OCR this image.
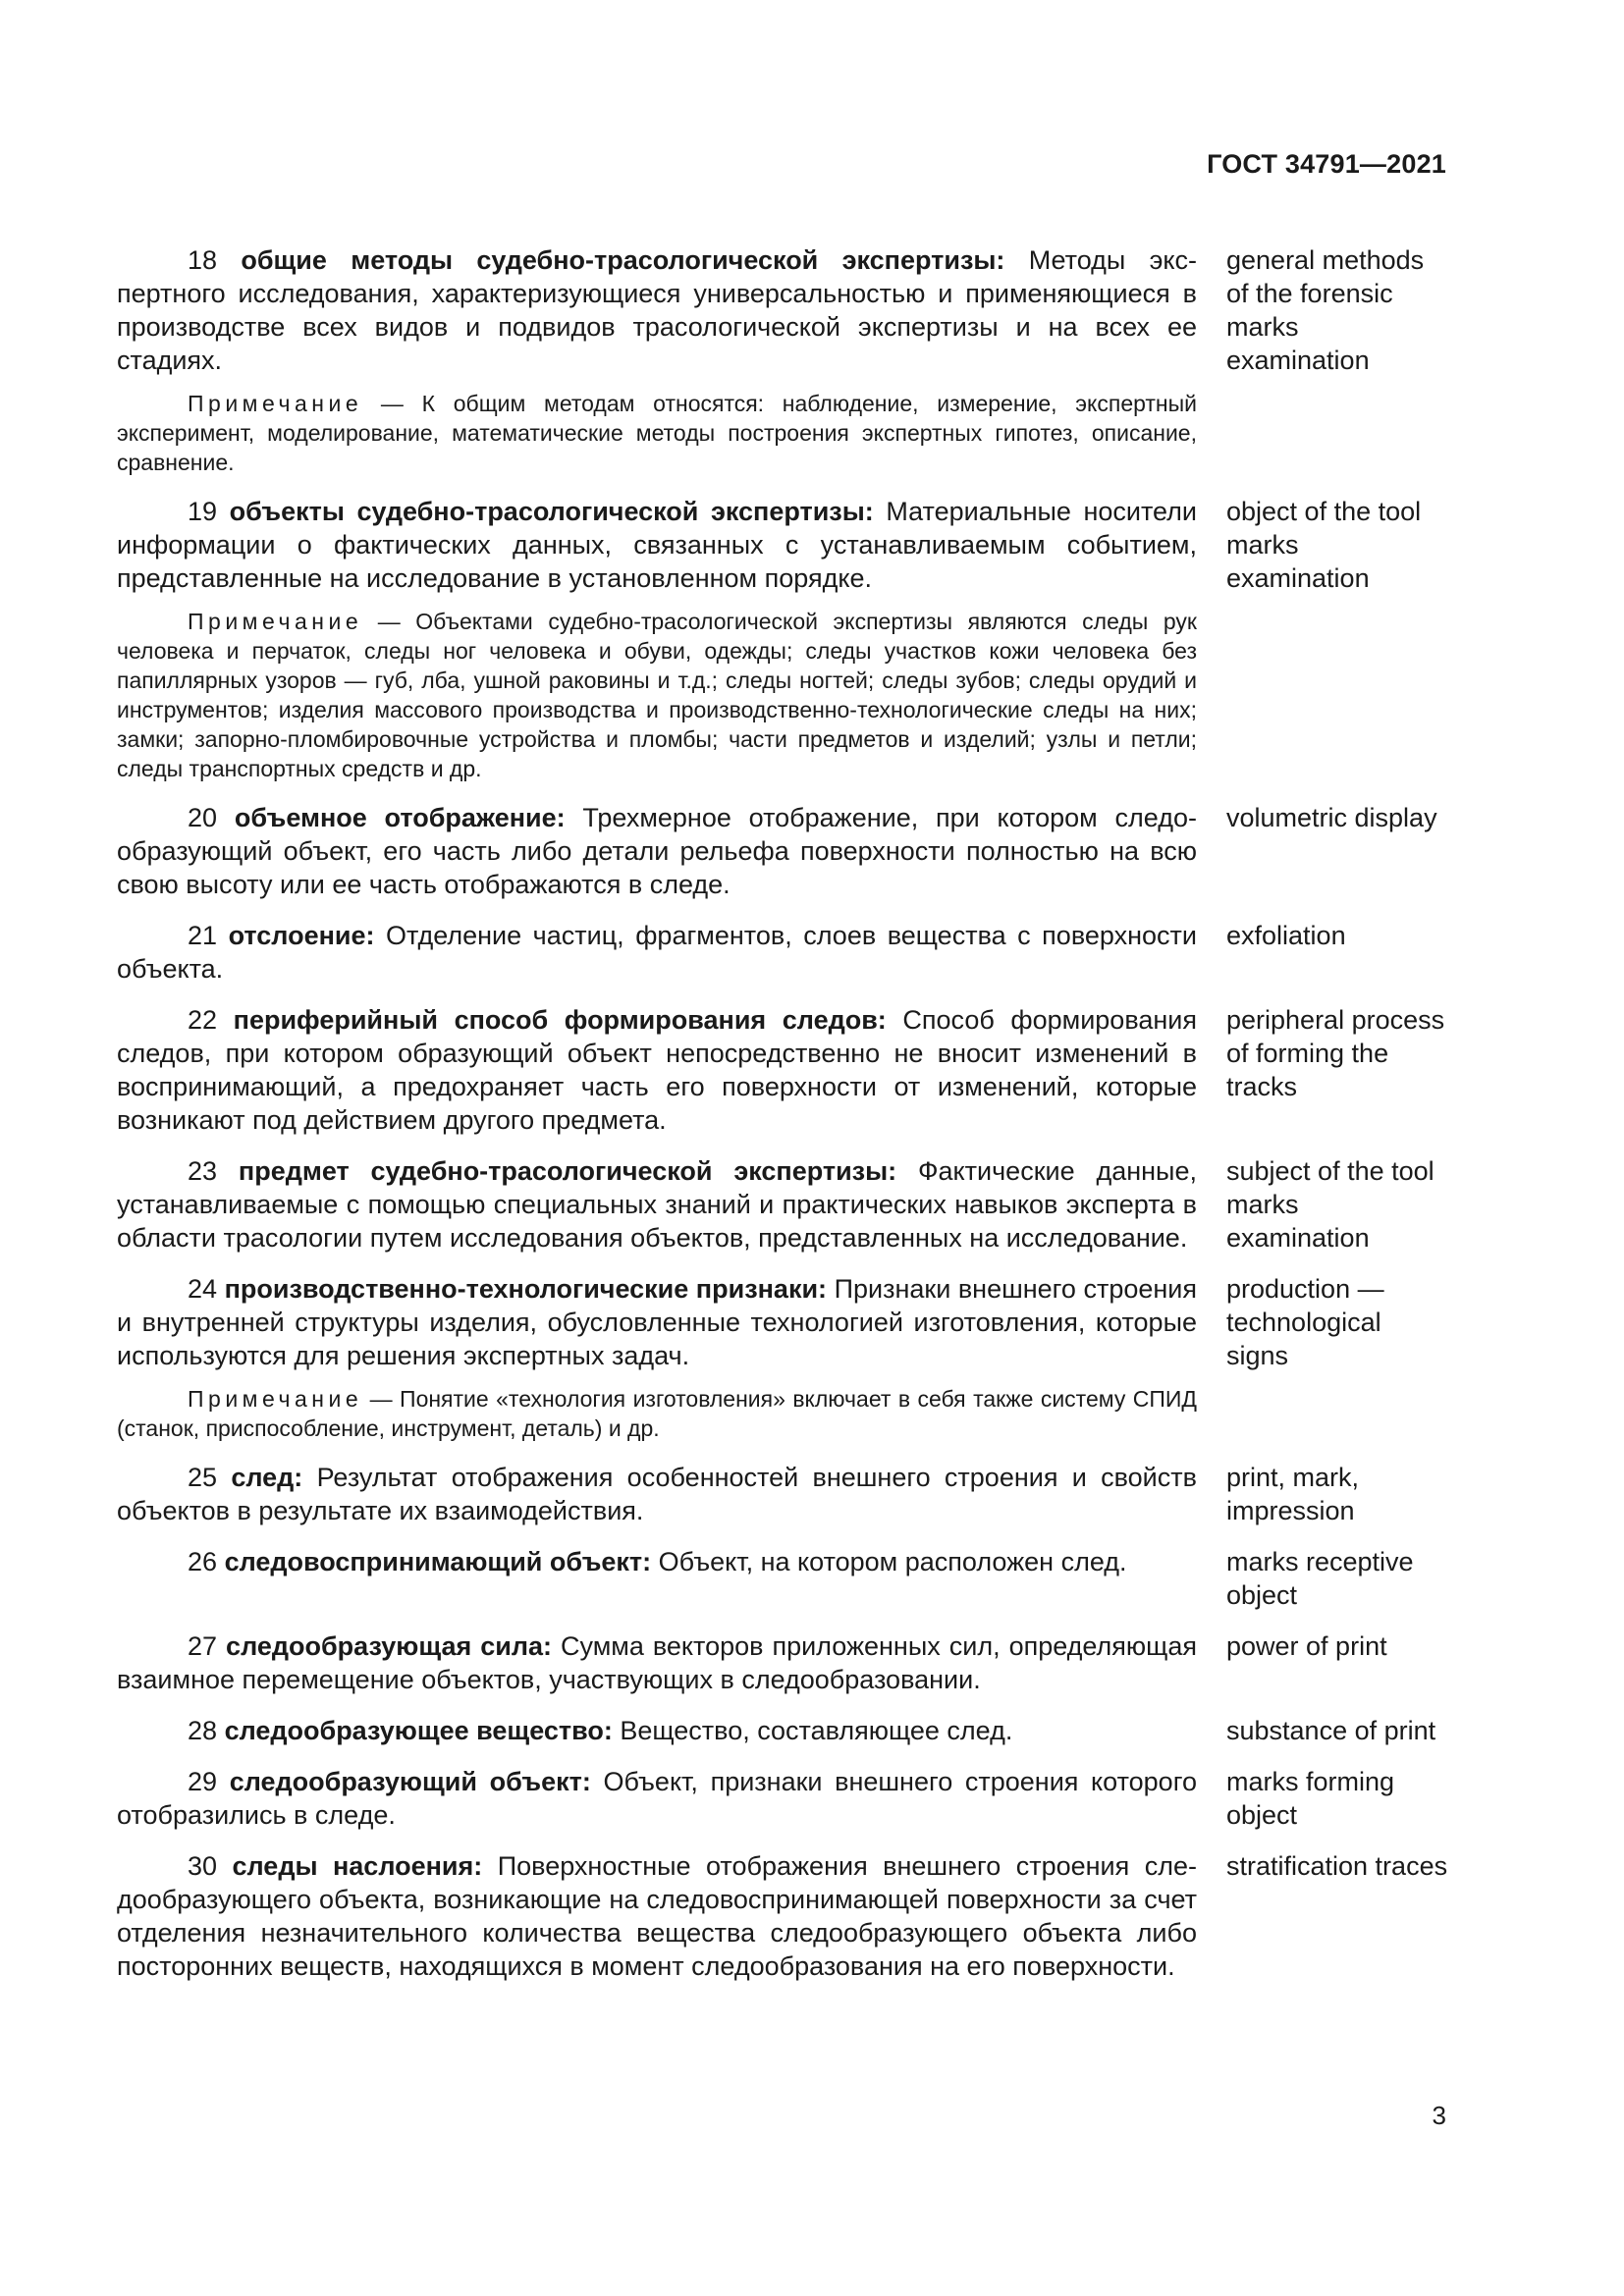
ГОСТ 34791—2021

18 общие методы судебно-трасологической экспертизы: Методы экспертного исследования, характеризующиеся универсальностью и применяющиеся в производстве всех видов и подвидов трасологической экспертизы и на всех ее стадиях.

Примечание — К общим методам относятся: наблюдение, измерение, экспертный эксперимент, моделирование, математические методы построения экспертных гипотез, описание, сравнение.

general methods of the forensic marks examination

19 объекты судебно-трасологической экспертизы: Материальные носители информации о фактических данных, связанных с устанавливаемым событием, представленные на исследование в установленном порядке.

Примечание — Объектами судебно-трасологической экспертизы являются следы рук человека и перчаток, следы ног человека и обуви, одежды; следы участков кожи человека без папиллярных узоров — губ, лба, ушной раковины и т.д.; следы ногтей; следы зубов; следы орудий и инструментов; изделия массового производства и производственно-технологические следы на них; замки; запорно-пломбировочные устройства и пломбы; части предметов и изделий; узлы и петли; следы транспортных средств и др.

object of the tool marks examination

20 объемное отображение: Трехмерное отображение, при котором следообразующий объект, его часть либо детали рельефа поверхности полностью на всю свою высоту или ее часть отображаются в следе.

volumetric display

21 отслоение: Отделение частиц, фрагментов, слоев вещества с поверхности объекта.

exfoliation

22 периферийный способ формирования следов: Способ формирования следов, при котором образующий объект непосредственно не вносит изменений в воспринимающий, а предохраняет часть его поверхности от изменений, которые возникают под действием другого предмета.

peripheral process of forming the tracks

23 предмет судебно-трасологической экспертизы: Фактические данные, устанавливаемые с помощью специальных знаний и практических навыков эксперта в области трасологии путем исследования объектов, представленных на исследование.

subject of the tool marks examination

24 производственно-технологические признаки: Признаки внешнего строения и внутренней структуры изделия, обусловленные технологией изготовления, которые используются для решения экспертных задач.

Примечание — Понятие «технология изготовления» включает в себя также систему СПИД (станок, приспособление, инструмент, деталь) и др.

production — technological signs

25 след: Результат отображения особенностей внешнего строения и свойств объектов в результате их взаимодействия.

print, mark, impression

26 следовоспринимающий объект: Объект, на котором расположен след.	marks receptive object

27 следообразующая сила: Сумма векторов приложенных сил, определяющая взаимное перемещение объектов, участвующих в следообразовании.

power of print

28 следообразующее вещество: Вещество, составляющее след.	substance of print

29 следообразующий объект: Объект, признаки внешнего строения которого отобразились в следе.

marks forming object

30 следы наслоения: Поверхностные отображения внешнего строения следообразующего объекта, возникающие на следовоспринимающей поверхности за счет отделения незначительного количества вещества следообразующего объекта либо посторонних веществ, находящихся в момент следообразования на его поверхности.

stratification traces
3
